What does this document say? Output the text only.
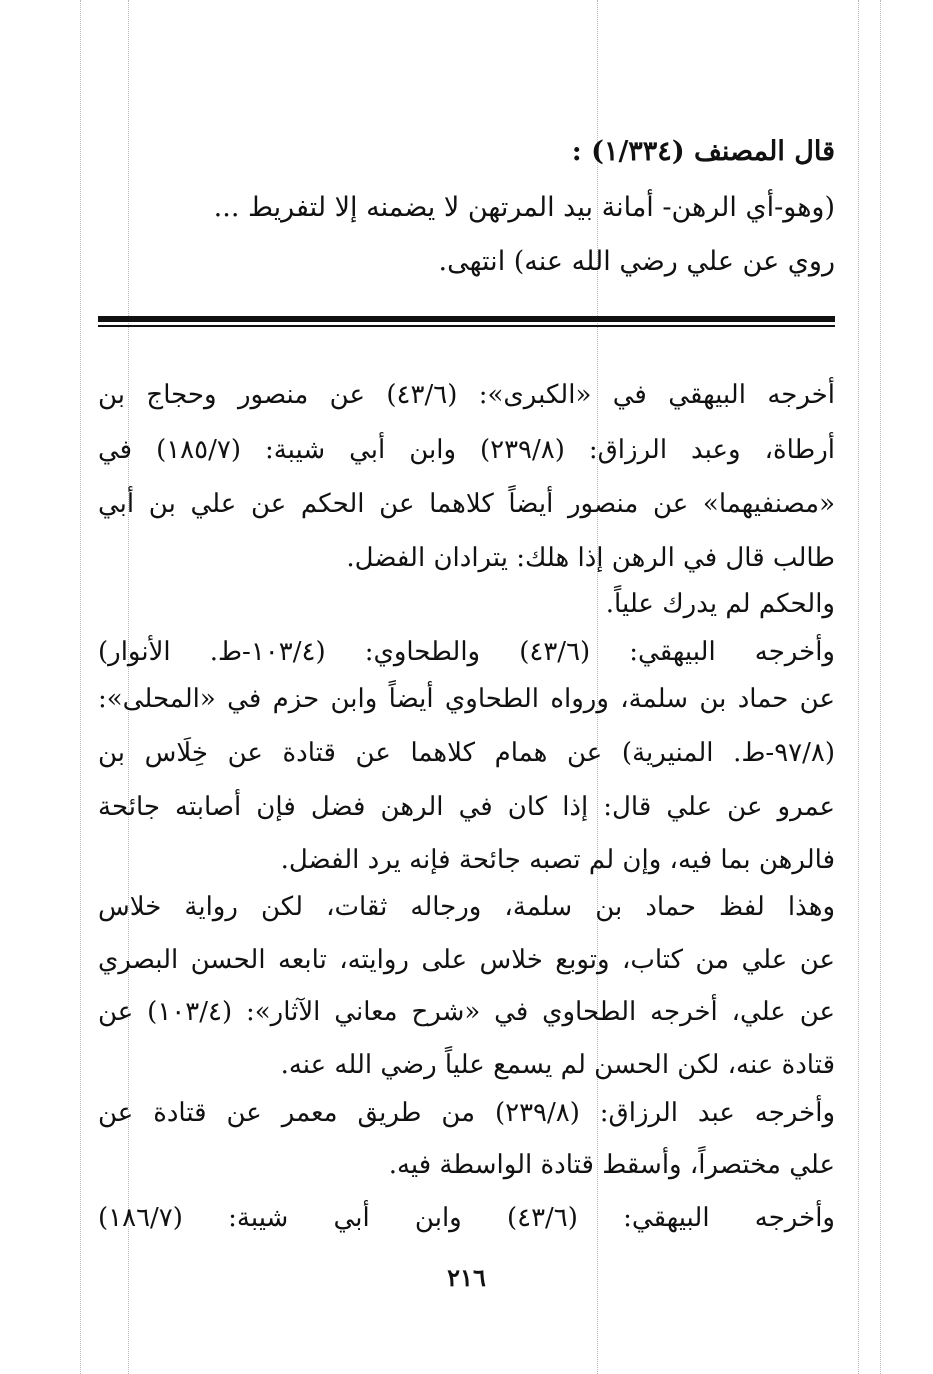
قال المصنف (١/٣٣٤) :
(وهو-أي الرهن- أمانة بيد المرتهن لا يضمنه إلا لتفريط ...
روي عن علي رضي الله عنه) انتهى.
أخرجه البيهقي في «الكبرى»: (٤٣/٦) عن منصور وحجاج بن
أرطاة، وعبد الرزاق: (٢٣٩/٨) وابن أبي شيبة: (١٨٥/٧) في
«مصنفيهما» عن منصور أيضاً كلاهما عن الحكم عن علي بن أبي
طالب قال في الرهن إذا هلك: يترادان الفضل.
والحكم لم يدرك علياً.
وأخرجه البيهقي: (٤٣/٦) والطحاوي: (١٠٣/٤-ط. الأنوار)
عن حماد بن سلمة، ورواه الطحاوي أيضاً وابن حزم في «المحلى»:
(٩٧/٨-ط. المنيرية) عن همام كلاهما عن قتادة عن خِلَاس بن
عمرو عن علي قال: إذا كان في الرهن فضل فإن أصابته جائحة
فالرهن بما فيه، وإن لم تصبه جائحة فإنه يرد الفضل.
وهذا لفظ حماد بن سلمة، ورجاله ثقات، لكن رواية خلاس
عن علي من كتاب، وتوبع خلاس على روايته، تابعه الحسن البصري
عن علي، أخرجه الطحاوي في «شرح معاني الآثار»: (١٠٣/٤) عن
قتادة عنه، لكن الحسن لم يسمع علياً رضي الله عنه.
وأخرجه عبد الرزاق: (٢٣٩/٨) من طريق معمر عن قتادة عن
علي مختصراً، وأسقط قتادة الواسطة فيه.
وأخرجه البيهقي: (٤٣/٦) وابن أبي شيبة: (١٨٦/٧)
٢١٦
